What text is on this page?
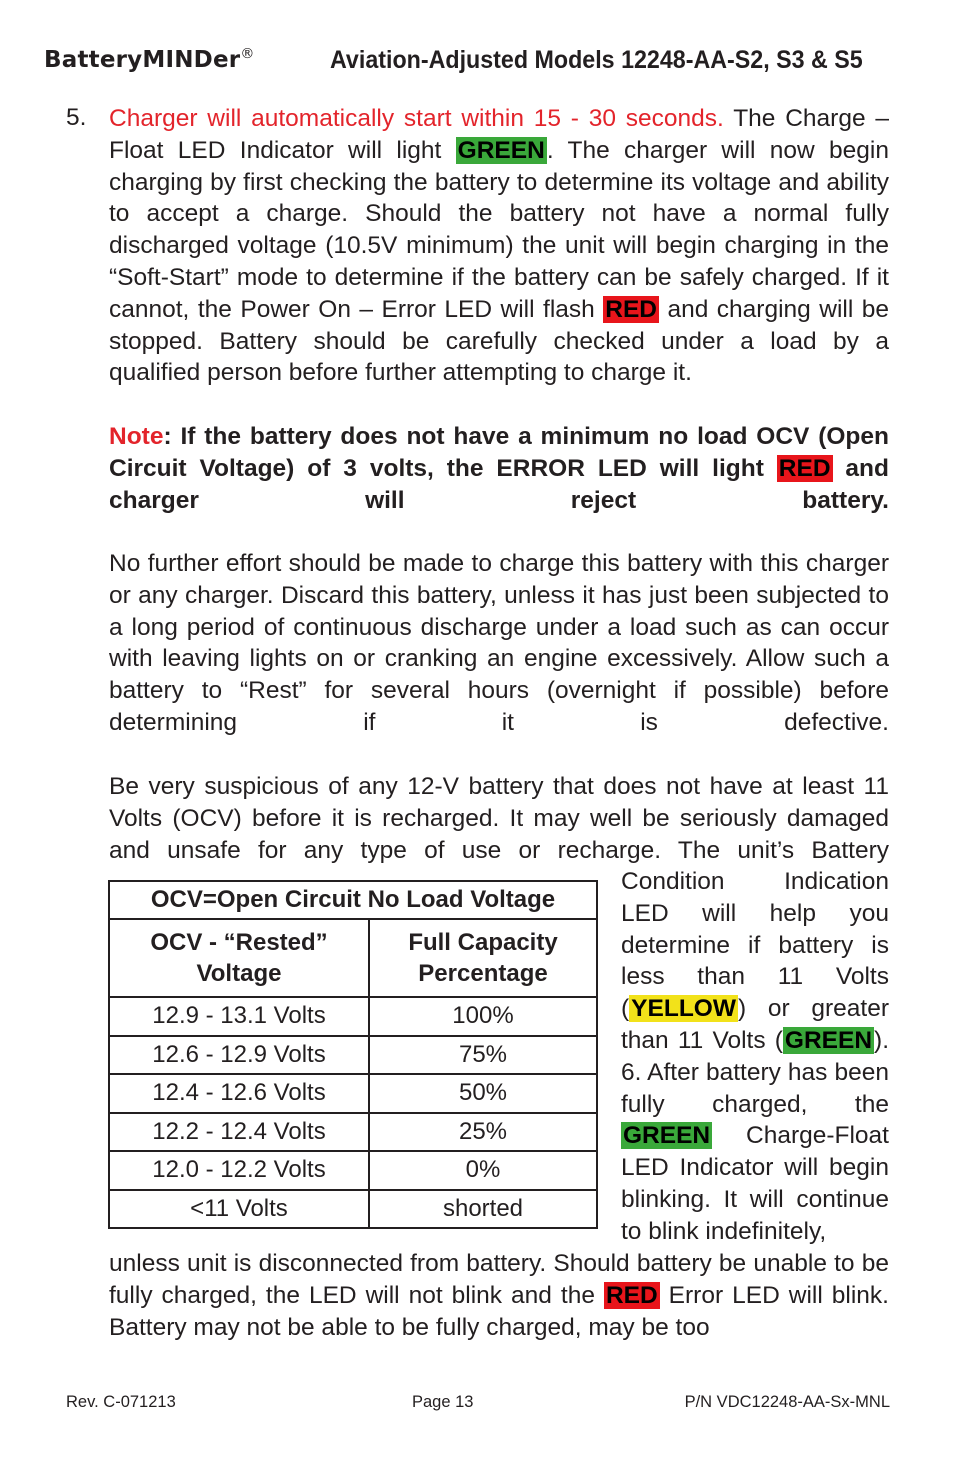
BatteryMINDer®	Aviation-Adjusted Models 12248-AA-S2, S3 & S5
5. Charger will automatically start within 15 - 30 seconds. The Charge – Float LED Indicator will light GREEN. The charger will now begin charging by first checking the battery to determine its voltage and ability to accept a charge. Should the battery not have a normal fully discharged voltage (10.5V minimum) the unit will begin charging in the “Soft-Start” mode to determine if the battery can be safely charged. If it cannot, the Power On – Error LED will flash RED and charging will be stopped. Battery should be carefully checked under a load by a qualified person before further attempting to charge it.
Note: If the battery does not have a minimum no load OCV (Open Circuit Voltage) of 3 volts, the ERROR LED will light RED and charger will reject battery.
No further effort should be made to charge this battery with this charger or any charger. Discard this battery, unless it has just been subjected to a long period of continuous discharge under a load such as can occur with leaving lights on or cranking an engine excessively. Allow such a battery to “Rest” for several hours (overnight if possible) before determining if it is defective.
Be very suspicious of any 12-V battery that does not have at least 11 Volts (OCV) before it is recharged. It may well be seriously damaged and unsafe for any type of use or recharge. The unit’s Battery
OCV=Open Circuit No Load Voltage	
OCV - “Rested” Voltage	Full Capacity Percentage
12.9 - 13.1 Volts	100%
12.6 - 12.9 Volts	75%
12.4 - 12.6 Volts	50%
12.2 - 12.4 Volts	25%
12.0 - 12.2 Volts	0%
<11 Volts	shorted
Condition Indication LED will help you determine if battery is less than 11 Volts (YELLOW) or greater than 11 Volts (GREEN). 6. After battery has been fully charged, the GREEN Charge-Float LED Indicator will begin blinking. It will continue to blink indefinitely,
unless unit is disconnected from battery. Should battery be unable to be fully charged, the LED will not blink and the RED Error LED will blink. Battery may not be able to be fully charged, may be too
Rev. C-071213	Page 13	P/N VDC12248-AA-Sx-MNL
